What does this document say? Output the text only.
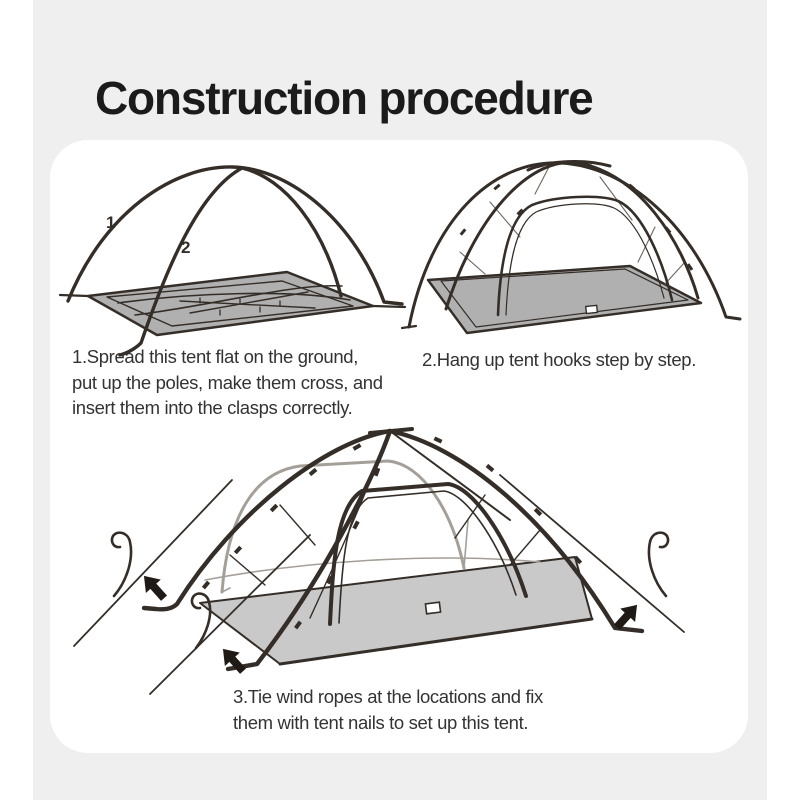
Construction procedure
1
2

1.Spread this tent flat on the ground,
put up the poles, make them cross, and
insert them into the clasps correctly.

2.Hang up tent hooks step by step.

3.Tie wind ropes at the locations and fix
them with tent nails to set up this tent.
